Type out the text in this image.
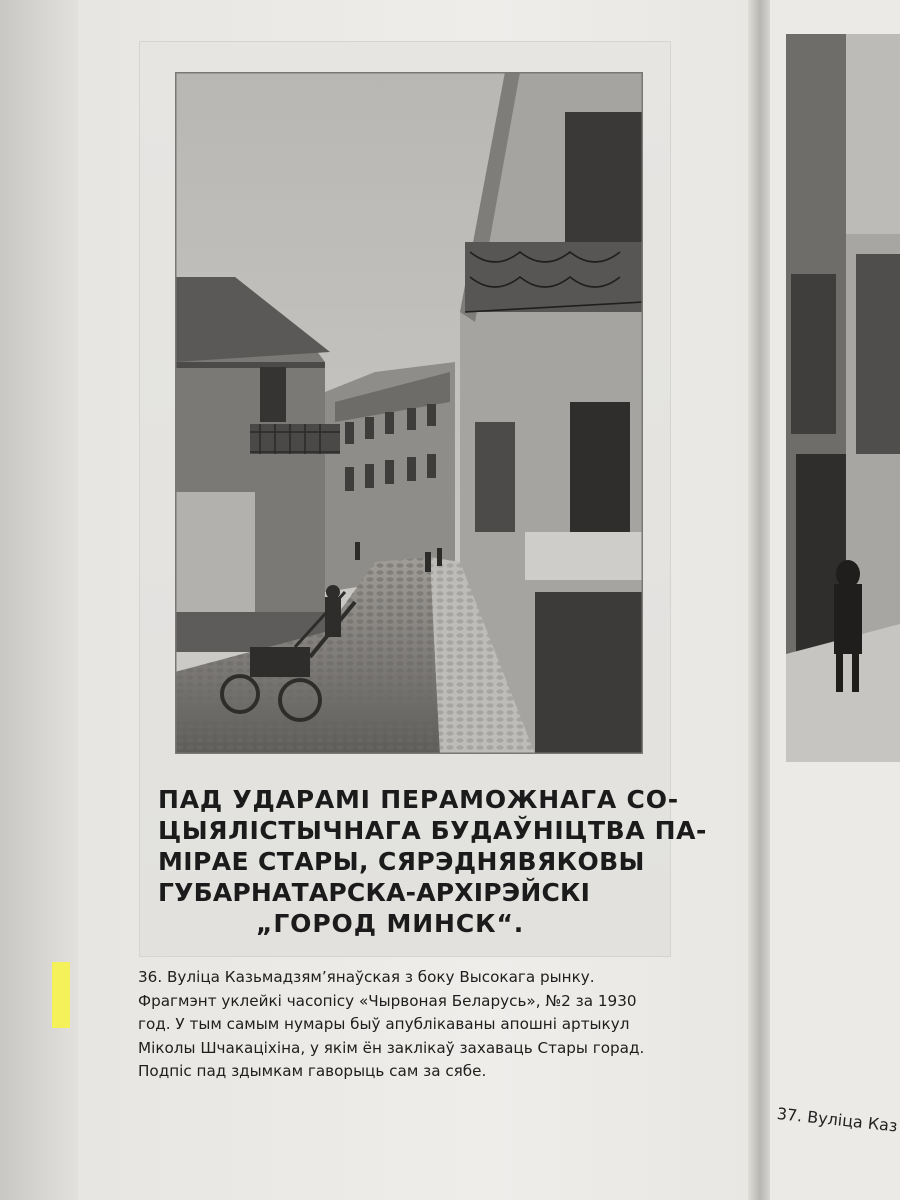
ПАД УДАРАМІ ПЕРАМОЖНАГА СО-
ЦЫЯЛІСТЫЧНАГА БУДАЎНІЦТВА ПА-
МІРАЕ СТАРЫ, СЯРЭДНЯВЯКОВЫ
ГУБАРНАТАРСКА-АРХІРЭЙСКІ
„ГОРОД МИНСК“.
36. Вуліца Казьмадзям’янаўская з боку Высокага рынку.
Фрагмэнт уклейкі часопісу «Чырвоная Беларусь», №2 за 1930
год. У тым самым нумары быў апублікаваны апошні артыкул
Міколы Шчакаціхіна, у якім ён заклікаў захаваць Стары горад.
Подпіс пад здымкам гаворыць сам за сябе.
37. Вуліца Каз
